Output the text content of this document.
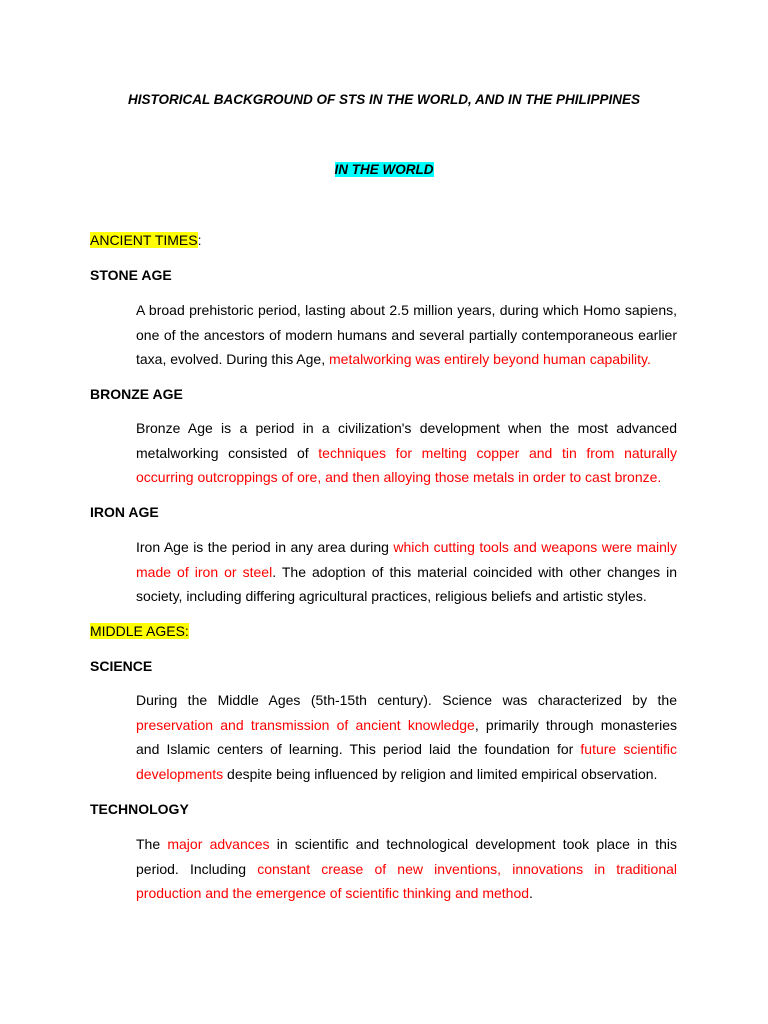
HISTORICAL BACKGROUND OF STS IN THE WORLD, AND IN THE PHILIPPINES
IN THE WORLD
ANCIENT TIMES:
STONE AGE
A broad prehistoric period, lasting about 2.5 million years, during which Homo sapiens, one of the ancestors of modern humans and several partially contemporaneous earlier taxa, evolved. During this Age, metalworking was entirely beyond human capability.
BRONZE AGE
Bronze Age is a period in a civilization's development when the most advanced metalworking consisted of techniques for melting copper and tin from naturally occurring outcroppings of ore, and then alloying those metals in order to cast bronze.
IRON AGE
Iron Age is the period in any area during which cutting tools and weapons were mainly made of iron or steel. The adoption of this material coincided with other changes in society, including differing agricultural practices, religious beliefs and artistic styles.
MIDDLE AGES:
SCIENCE
During the Middle Ages (5th-15th century). Science was characterized by the preservation and transmission of ancient knowledge, primarily through monasteries and Islamic centers of learning. This period laid the foundation for future scientific developments despite being influenced by religion and limited empirical observation.
TECHNOLOGY
The major advances in scientific and technological development took place in this period. Including constant crease of new inventions, innovations in traditional production and the emergence of scientific thinking and method.
